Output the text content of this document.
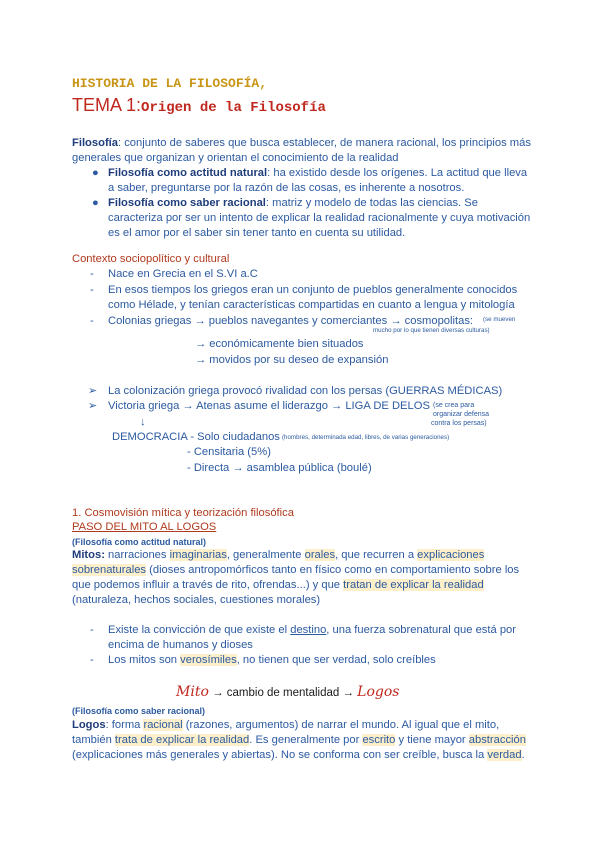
HISTORIA DE LA FILOSOFÍA,
TEMA 1:Origen de la Filosofía
Filosofía: conjunto de saberes que busca establecer, de manera racional, los principios más
generales que organizan y orientan el conocimiento de la realidad
● Filosofía como actitud natural: ha existido desde los orígenes. La actitud que lleva
a saber, preguntarse por la razón de las cosas, es inherente a nosotros.
● Filosofía como saber racional: matriz y modelo de todas las ciencias. Se
caracteriza por ser un intento de explicar la realidad racionalmente y cuya motivación
es el amor por el saber sin tener tanto en cuenta su utilidad.
Contexto sociopolítico y cultural
- Nace en Grecia en el S.VI a.C
- En esos tiempos los griegos eran un conjunto de pueblos generalmente conocidos
como Hélade, y tenían características compartidas en cuanto a lengua y mitología
- Colonias griegas → pueblos navegantes y comerciantes → cosmopolitas: (se mueven
mucho por lo que tienen diversas culturas)
→ económicamente bien situados
→ movidos por su deseo de expansión
➢ La colonización griega provocó rivalidad con los persas (GUERRAS MÉDICAS)
➢ Victoria griega → Atenas asume el liderazgo → LIGA DE DELOS (se crea para
organizar defensa
contra los persas)
↓
DEMOCRACIA - Solo ciudadanos (hombres, determinada edad, libres, de varias generaciones)
- Censitaria (5%)
- Directa → asamblea pública (boulé)
1. Cosmovisión mítica y teorización filosófica
PASO DEL MITO AL LOGOS
(Filosofía como actitud natural)
Mitos: narraciones imaginarias, generalmente orales, que recurren a explicaciones
sobrenaturales (dioses antropomórficos tanto en físico como en comportamiento sobre los
que podemos influir a través de rito, ofrendas...) y que tratan de explicar la realidad
(naturaleza, hechos sociales, cuestiones morales)
- Existe la convicción de que existe el destino, una fuerza sobrenatural que está por
encima de humanos y dioses
- Los mitos son verosímiles, no tienen que ser verdad, solo creíbles
Mito → cambio de mentalidad → Logos
(Filosofía como saber racional)
Logos: forma racional (razones, argumentos) de narrar el mundo. Al igual que el mito,
también trata de explicar la realidad. Es generalmente por escrito y tiene mayor abstracción
(explicaciones más generales y abiertas). No se conforma con ser creíble, busca la verdad.
